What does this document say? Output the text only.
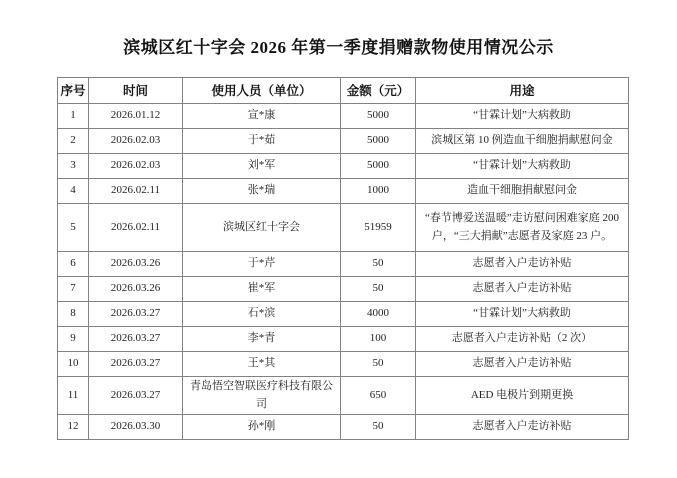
滨城区红十字会 2026 年第一季度捐赠款物使用情况公示
序号	时间	使用人员（单位）	金额（元）	用途
1	2026.01.12	宣*康	5000	“甘霖计划”大病救助
2	2026.02.03	于*茹	5000	滨城区第 10 例造血干细胞捐献慰问金
3	2026.02.03	刘*军	5000	“甘霖计划”大病救助
4	2026.02.11	张*瑞	1000	造血干细胞捐献慰问金
5	2026.02.11	滨城区红十字会	51959	“春节博爱送温暖”走访慰问困难家庭 200 户，“三大捐献”志愿者及家庭 23 户。
6	2026.03.26	于*芹	50	志愿者入户走访补贴
7	2026.03.26	崔*军	50	志愿者入户走访补贴
8	2026.03.27	石*滨	4000	“甘霖计划”大病救助
9	2026.03.27	李*青	100	志愿者入户走访补贴（2 次）
10	2026.03.27	王*其	50	志愿者入户走访补贴
11	2026.03.27	青岛悟空智联医疗科技有限公司	650	AED 电极片到期更换
12	2026.03.30	孙*刚	50	志愿者入户走访补贴
